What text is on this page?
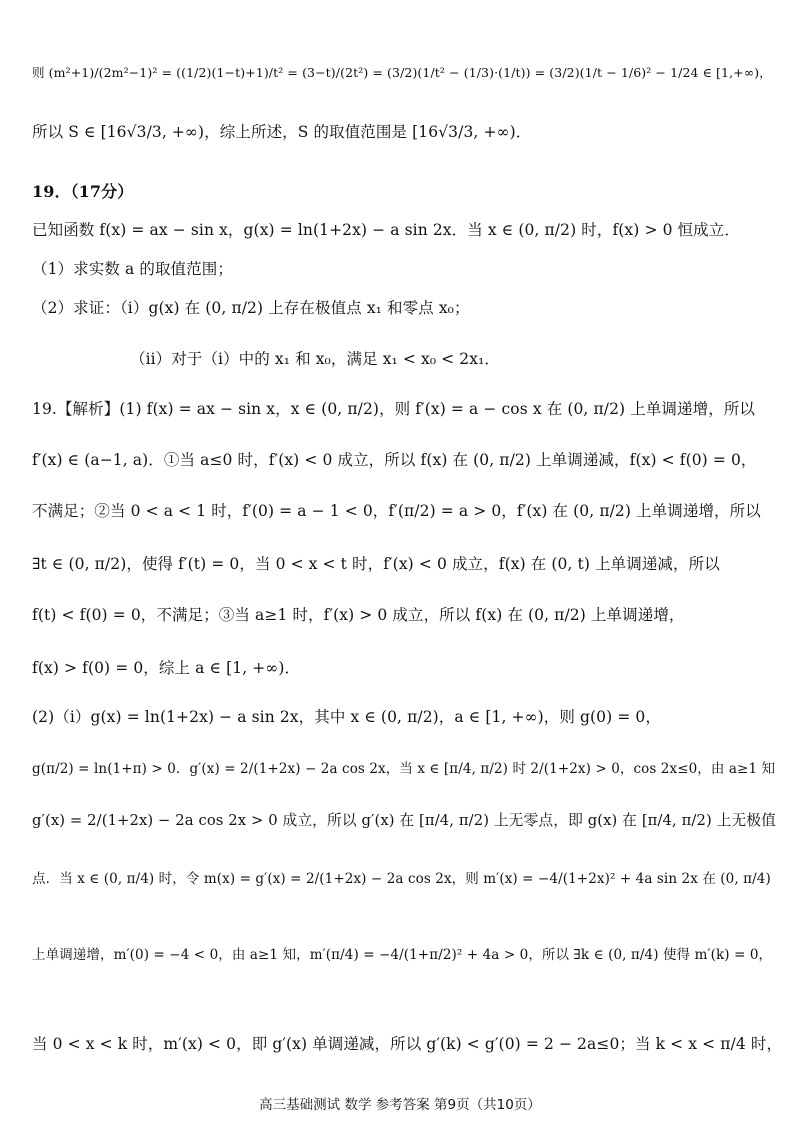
则 (m²+1)/(2m²−1)² = ((1/2)(1−t)+1)/t² = (3−t)/(2t²) = (3/2)(1/t² − (1/3)·(1/t)) = (3/2)(1/t − 1/6)² − 1/24 ∈ [1,+∞)，
所以 S ∈ [16√3/3, +∞)，综上所述，S 的取值范围是 [16√3/3, +∞)．
19．（17分）
已知函数 f(x) = ax − sin x，g(x) = ln(1+2x) − a sin 2x．当 x ∈ (0, π/2) 时，f(x) > 0 恒成立．
（1）求实数 a 的取值范围；
（2）求证：（ⅰ）g(x) 在 (0, π/2) 上存在极值点 x₁ 和零点 x₀；
（ⅱ）对于（ⅰ）中的 x₁ 和 x₀，满足 x₁ < x₀ < 2x₁．
19.【解析】(1) f(x) = ax − sin x，x ∈ (0, π/2)，则 f′(x) = a − cos x 在 (0, π/2) 上单调递增，所以
f′(x) ∈ (a−1, a)．①当 a≤0 时，f′(x) < 0 成立，所以 f(x) 在 (0, π/2) 上单调递减，f(x) < f(0) = 0，
不满足；②当 0 < a < 1 时，f′(0) = a − 1 < 0，f′(π/2) = a > 0，f′(x) 在 (0, π/2) 上单调递增，所以
∃t ∈ (0, π/2)，使得 f′(t) = 0，当 0 < x < t 时，f′(x) < 0 成立，f(x) 在 (0, t) 上单调递减，所以
f(t) < f(0) = 0，不满足；③当 a≥1 时，f′(x) > 0 成立，所以 f(x) 在 (0, π/2) 上单调递增，
f(x) > f(0) = 0，综上 a ∈ [1, +∞)．
(2)（ⅰ）g(x) = ln(1+2x) − a sin 2x，其中 x ∈ (0, π/2)，a ∈ [1, +∞)，则 g(0) = 0，
g(π/2) = ln(1+π) > 0．g′(x) = 2/(1+2x) − 2a cos 2x，当 x ∈ [π/4, π/2) 时 2/(1+2x) > 0，cos 2x≤0，由 a≥1 知
g′(x) = 2/(1+2x) − 2a cos 2x > 0 成立，所以 g′(x) 在 [π/4, π/2) 上无零点，即 g(x) 在 [π/4, π/2) 上无极值
点．当 x ∈ (0, π/4) 时，令 m(x) = g′(x) = 2/(1+2x) − 2a cos 2x，则 m′(x) = −4/(1+2x)² + 4a sin 2x 在 (0, π/4)
上单调递增，m′(0) = −4 < 0，由 a≥1 知，m′(π/4) = −4/(1+π/2)² + 4a > 0，所以 ∃k ∈ (0, π/4) 使得 m′(k) = 0，
当 0 < x < k 时，m′(x) < 0，即 g′(x) 单调递减，所以 g′(k) < g′(0) = 2 − 2a≤0；当 k < x < π/4 时，
高三基础测试 数学 参考答案 第9页（共10页）
